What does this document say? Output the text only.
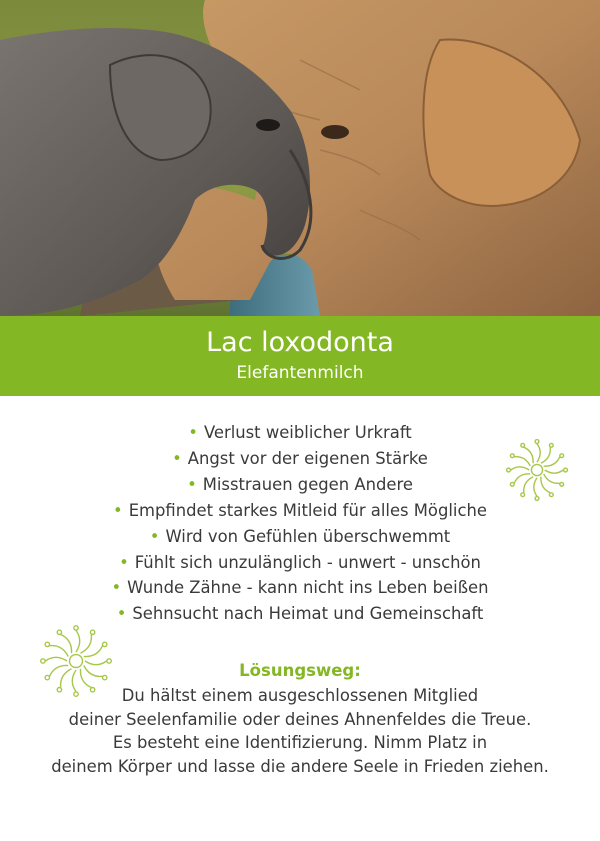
Lac loxodonta
Elefantenmilch
• Verlust weiblicher Urkraft
• Angst vor der eigenen Stärke
• Misstrauen gegen Andere
• Empfindet starkes Mitleid für alles Mögliche
• Wird von Gefühlen überschwemmt
• Fühlt sich unzulänglich - unwert - unschön
• Wunde Zähne - kann nicht ins Leben beißen
• Sehnsucht nach Heimat und Gemeinschaft
Lösungsweg:
Du hältst einem ausgeschlossenen Mitglied
deiner Seelenfamilie oder deines Ahnenfeldes die Treue.
Es besteht eine Identifizierung. Nimm Platz in
deinem Körper und lasse die andere Seele in Frieden ziehen.
